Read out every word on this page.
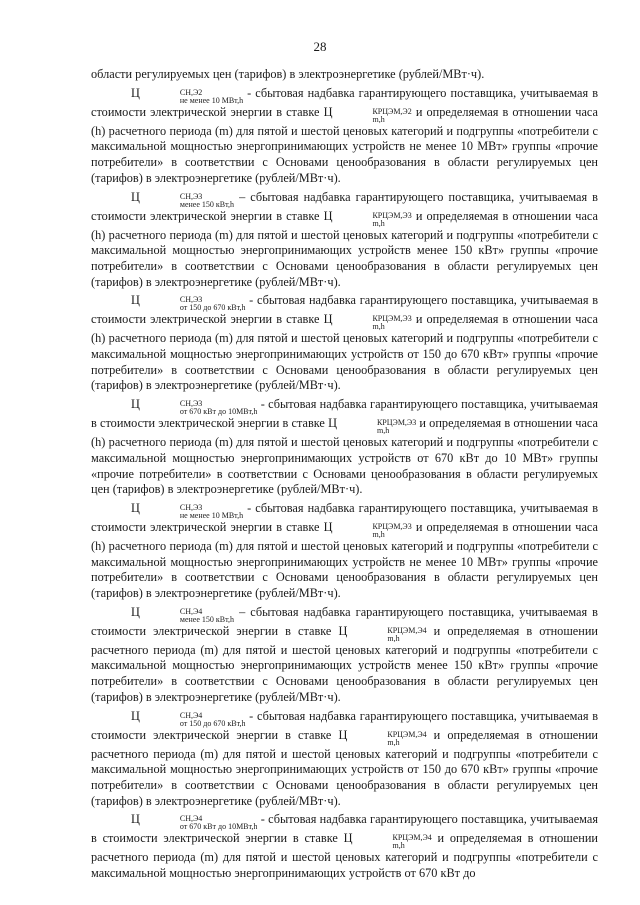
28

области регулируемых цен (тарифов) в электроэнергетике (рублей/МВт·ч).

Ц	СН,Э2
не менее 10 МВт,h
- сбытовая надбавка гарантирующего поставщика, учитываемая в стоимости электрической энергии в ставке Ц	КРЦЭМ,Э2
m,h
и определяемая в отношении часа (h) расчетного периода (m) для пятой и шестой ценовых категорий и подгруппы «потребители с максимальной мощностью энергопринимающих устройств не менее 10 МВт» группы «прочие потребители» в соответствии с Основами ценообразования в области регулируемых цен (тарифов) в электроэнергетике (рублей/МВт·ч).

Ц	СН,Э3
менее 150 кВт,h
– сбытовая надбавка гарантирующего поставщика, учитываемая в стоимости электрической энергии в ставке Ц	КРЦЭМ,Э3
m,h
и определяемая в отношении часа (h) расчетного периода (m) для пятой и шестой ценовых категорий и подгруппы «потребители с максимальной мощностью энергопринимающих устройств менее 150 кВт» группы «прочие потребители» в соответствии с Основами ценообразования в области регулируемых цен (тарифов) в электроэнергетике (рублей/МВт·ч).

Ц	СН,Э3
от 150 до 670 кВт,h
- сбытовая надбавка гарантирующего поставщика, учитываемая в стоимости электрической энергии в ставке Ц	КРЦЭМ,Э3
m,h
и определяемая в отношении часа (h) расчетного периода (m) для пятой и шестой ценовых категорий и подгруппы «потребители с максимальной мощностью энергопринимающих устройств от 150 до 670 кВт» группы «прочие потребители» в соответствии с Основами ценообразования в области регулируемых цен (тарифов) в электроэнергетике (рублей/МВт·ч).

Ц	СН,Э3
от 670 кВт до 10МВт,h
- сбытовая надбавка гарантирующего поставщика, учитываемая в стоимости электрической энергии в ставке Ц	КРЦЭМ,Э3
m,h
и определяемая в отношении часа (h) расчетного периода (m) для пятой и шестой ценовых категорий и подгруппы «потребители с максимальной мощностью энергопринимающих устройств от 670 кВт до 10 МВт» группы «прочие потребители» в соответствии с Основами ценообразования в области регулируемых цен (тарифов) в электроэнергетике (рублей/МВт·ч).

Ц	СН,Э3
не менее 10 МВт,h
- сбытовая надбавка гарантирующего поставщика, учитываемая в стоимости электрической энергии в ставке Ц	КРЦЭМ,Э3
m,h
и определяемая в отношении часа (h) расчетного периода (m) для пятой и шестой ценовых категорий и подгруппы «потребители с максимальной мощностью энергопринимающих устройств не менее 10 МВт» группы «прочие потребители» в соответствии с Основами ценообразования в области регулируемых цен (тарифов) в электроэнергетике (рублей/МВт·ч).

Ц	СН,Э4
менее 150 кВт,h
– сбытовая надбавка гарантирующего поставщика, учитываемая в стоимости электрической энергии в ставке Ц	КРЦЭМ,Э4
m,h
и определяемая в отношении расчетного периода (m) для пятой и шестой ценовых категорий и подгруппы «потребители с максимальной мощностью энергопринимающих устройств менее 150 кВт» группы «прочие потребители» в соответствии с Основами ценообразования в области регулируемых цен (тарифов) в электроэнергетике (рублей/МВт·ч).

Ц	СН,Э4
от 150 до 670 кВт,h
- сбытовая надбавка гарантирующего поставщика, учитываемая в стоимости электрической энергии в ставке Ц	КРЦЭМ,Э4
m,h
и определяемая в отношении расчетного периода (m) для пятой и шестой ценовых категорий и подгруппы «потребители с максимальной мощностью энергопринимающих устройств от 150 до 670 кВт» группы «прочие потребители» в соответствии с Основами ценообразования в области регулируемых цен (тарифов) в электроэнергетике (рублей/МВт·ч).

Ц	СН,Э4
от 670 кВт до 10МВт,h
- сбытовая надбавка гарантирующего поставщика, учитываемая в стоимости электрической энергии в ставке Ц	КРЦЭМ,Э4
m,h
и определяемая в отношении расчетного периода (m) для пятой и шестой ценовых категорий и подгруппы «потребители с максимальной мощностью энергопринимающих устройств от 670 кВт до
